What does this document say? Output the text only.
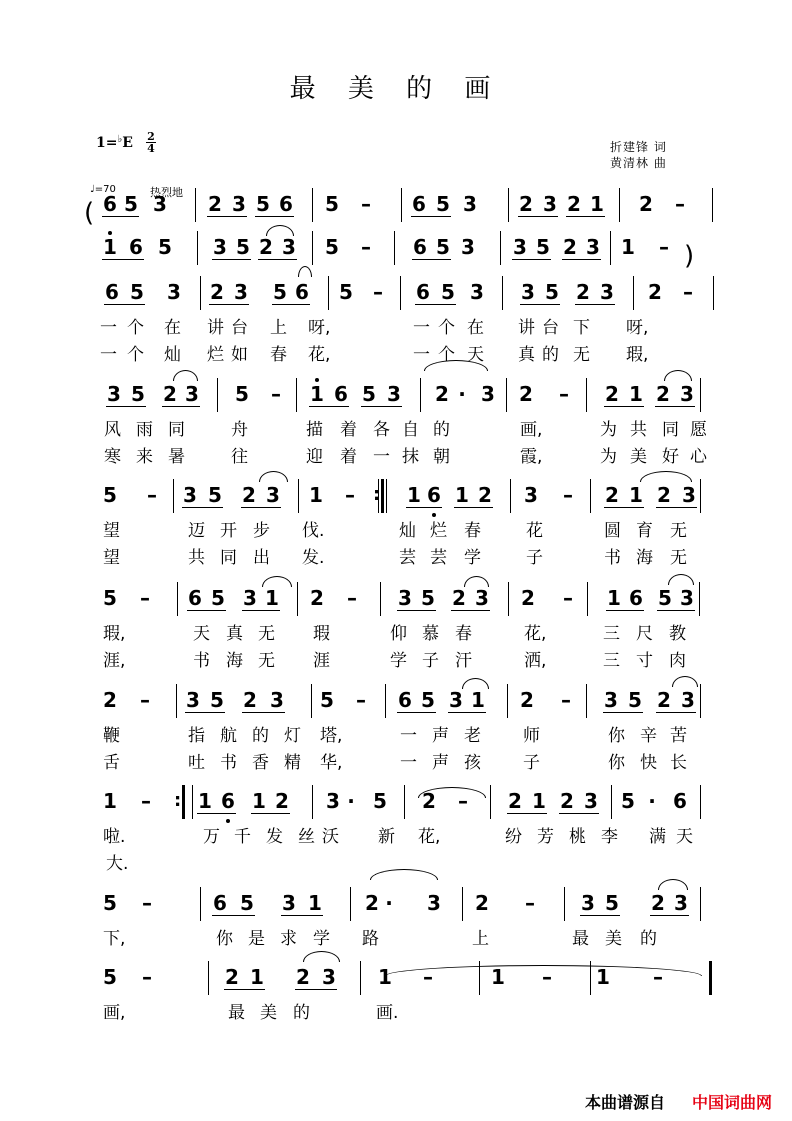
最 美 的 画
1=♭E 2
4	折建锋 词
黄清林 曲
♩=70	热烈地
6 5 3 2 3 5 6 5 – 6 5 3 2 3 2 1 2 –
1 6 5 3 5 2 3 5 – 6 5 3 3 5 2 3 1 –
6 5 3 2 3 5 6 5 – 6 5 3 3 5 2 3 2 –
一 个 在 讲 台 上 呀,	一 个 在 讲 台 下 呀,
一 个 灿 烂 如 春 花,	一 个 天 真 的 无 瑕,
3 5 2 3 5 – 1 6 5 3 2 · 3 2 – 2 1 2 3
风 雨 同	舟	描 着 各 自 的	画,	为 共 同 愿
寒 来 暑	往	迎 着 一 抹 朝	霞,	为 美 好 心
5 – 3 5 2 3 1 –	1 6 1 2 3 – 2 1 2 3
望	迈 开 步 伐.	灿 烂 春	花	圆 育 无
望	共 同 出 发.	芸 芸 学	子	书 海 无
5 – 6 5 3 1 2 – 3 5 2 3 2 – 1 6 5 3
瑕,	天 真 无 瑕	仰 慕 春	花,	三 尺 教
涯,	书 海 无 涯	学 子 汗	洒,	三 寸 肉
2 – 3 5 2 3 5 – 6 5 3 1 2 – 3 5 2 3
鞭	指 航 的 灯 塔,	一 声 老 师	你 辛 苦
舌	吐 书 香 精 华,	一 声 孩 子	你 快 长
1 – 1 6 1 2 3 · 5 2 – 2 1 2 3 5 · 6
啦.	万 千 发 丝 沃 新 花,	纷 芳 桃 李 满 天
大.
5 –	6 5 3 1 2 · 3 2 – 3 5 2 3
下,	你 是 求 学 路	上	最 美 的
5 –	2 1 2 3 1 –	1 – 1 –
画,	最 美 的	画.
(
)
:
:
本曲谱源自 中国词曲网
